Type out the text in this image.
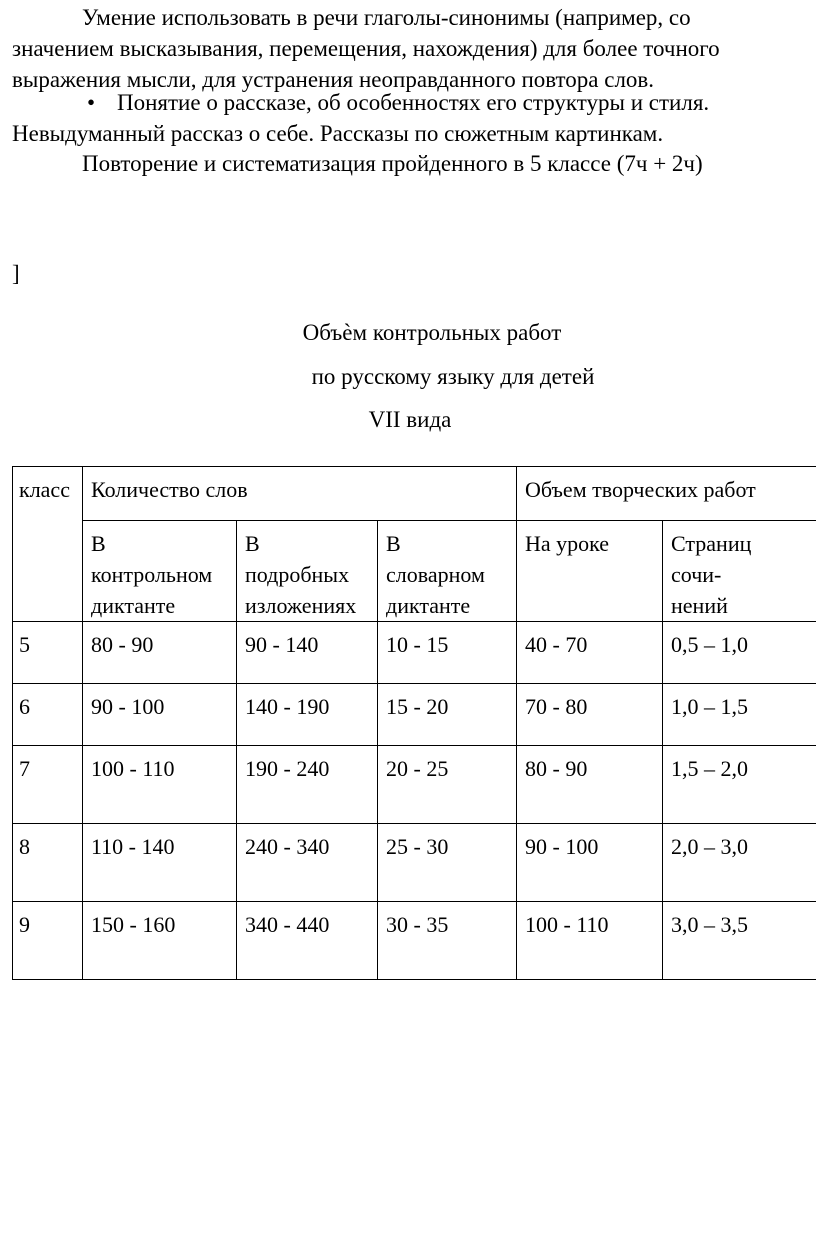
Умение использовать в речи глаголы-синонимы (например, со

значением высказывания, перемещения, нахождения) для более точного

выражения мысли, для устранения неоправданного повтора слов.

• Понятие о рассказе, об особенностях его структуры и стиля.

Невыдуманный рассказ о себе. Рассказы по сюжетным картинкам.

Повторение и систематизация пройденного в 5 классе (7ч + 2ч)

]

Объѐм контрольных работ
по русскому языку для детей
VII вида
класс	Количество слов			Объем творческих работ	

	В
контрольном
диктанте	В
подробных
изложениях	В
словарном
диктанте	На уроке	Страниц
сочи-
нений

5	80 - 90	90 - 140	10 - 15	40 - 70	0,5 – 1,0
6	90 - 100	140 - 190	15 - 20	70 - 80	1,0 – 1,5
7	100 - 110	190 - 240	20 - 25	80 - 90	1,5 – 2,0
8	110 - 140	240 - 340	25 - 30	90 - 100	2,0 – 3,0
9	150 - 160	340 - 440	30 - 35	100 - 110	3,0 – 3,5
